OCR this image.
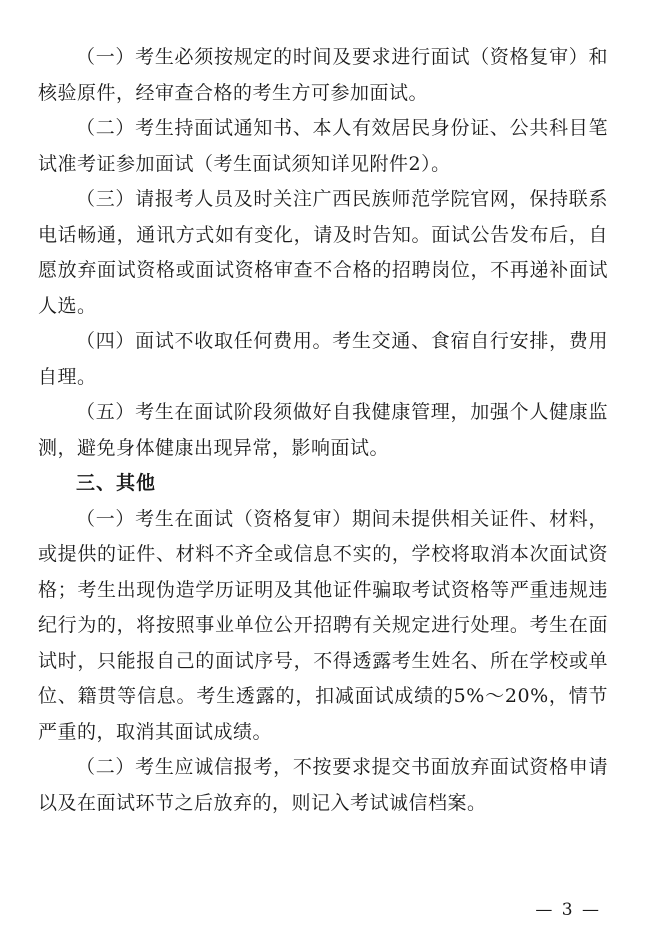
（一）考生必须按规定的时间及要求进行面试（资格复审）和核验原件，经审查合格的考生方可参加面试。

（二）考生持面试通知书、本人有效居民身份证、公共科目笔试准考证参加面试（考生面试须知详见附件2）。

（三）请报考人员及时关注广西民族师范学院官网，保持联系电话畅通，通讯方式如有变化，请及时告知。面试公告发布后，自愿放弃面试资格或面试资格审查不合格的招聘岗位，不再递补面试人选。

（四）面试不收取任何费用。考生交通、食宿自行安排，费用自理。

（五）考生在面试阶段须做好自我健康管理，加强个人健康监测，避免身体健康出现异常，影响面试。

三、其他

（一）考生在面试（资格复审）期间未提供相关证件、材料，或提供的证件、材料不齐全或信息不实的，学校将取消本次面试资格；考生出现伪造学历证明及其他证件骗取考试资格等严重违规违纪行为的，将按照事业单位公开招聘有关规定进行处理。考生在面试时，只能报自己的面试序号，不得透露考生姓名、所在学校或单位、籍贯等信息。考生透露的，扣减面试成绩的5%～20%，情节严重的，取消其面试成绩。

（二）考生应诚信报考，不按要求提交书面放弃面试资格申请以及在面试环节之后放弃的，则记入考试诚信档案。

— 3 —
